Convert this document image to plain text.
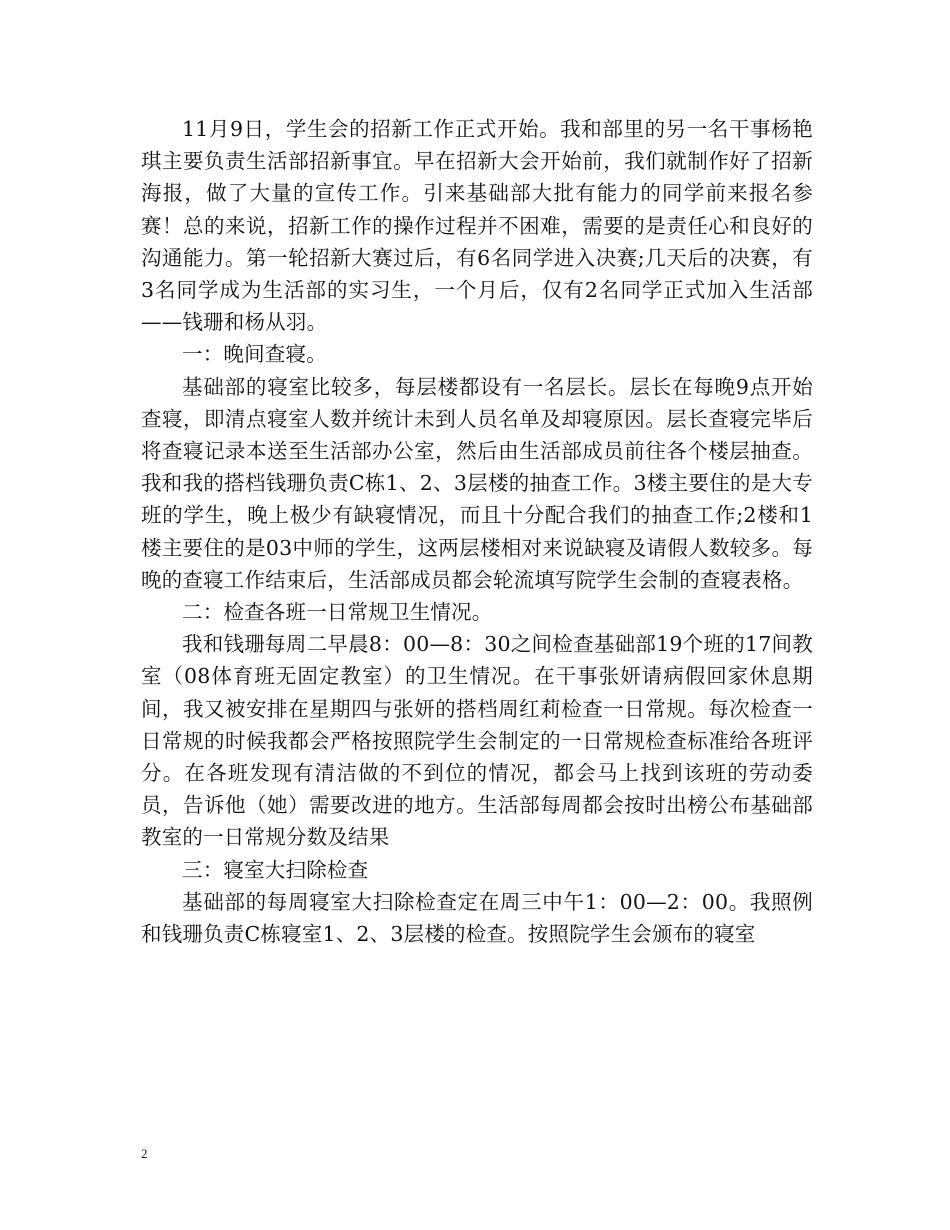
11月9日，学生会的招新工作正式开始。我和部里的另一名干事杨艳琪主要负责生活部招新事宜。早在招新大会开始前，我们就制作好了招新海报，做了大量的宣传工作。引来基础部大批有能力的同学前来报名参赛！总的来说，招新工作的操作过程并不困难，需要的是责任心和良好的沟通能力。第一轮招新大赛过后，有6名同学进入决赛;几天后的决赛，有3名同学成为生活部的实习生，一个月后，仅有2名同学正式加入生活部——钱珊和杨从羽。

一：晚间查寝。

基础部的寝室比较多，每层楼都设有一名层长。层长在每晚9点开始查寝，即清点寝室人数并统计未到人员名单及却寝原因。层长查寝完毕后将查寝记录本送至生活部办公室，然后由生活部成员前往各个楼层抽查。我和我的搭档钱珊负责C栋1、2、3层楼的抽查工作。3楼主要住的是大专班的学生，晚上极少有缺寝情况，而且十分配合我们的抽查工作;2楼和1楼主要住的是03中师的学生，这两层楼相对来说缺寝及请假人数较多。每晚的查寝工作结束后，生活部成员都会轮流填写院学生会制的查寝表格。

二：检查各班一日常规卫生情况。

我和钱珊每周二早晨8：00—8：30之间检查基础部19个班的17间教室（08体育班无固定教室）的卫生情况。在干事张妍请病假回家休息期间，我又被安排在星期四与张妍的搭档周红莉检查一日常规。每次检查一日常规的时候我都会严格按照院学生会制定的一日常规检查标准给各班评分。在各班发现有清洁做的不到位的情况，都会马上找到该班的劳动委员，告诉他（她）需要改进的地方。生活部每周都会按时出榜公布基础部教室的一日常规分数及结果

三：寝室大扫除检查

基础部的每周寝室大扫除检查定在周三中午1：00—2：00。我照例和钱珊负责C栋寝室1、2、3层楼的检查。按照院学生会颁布的寝室

2
